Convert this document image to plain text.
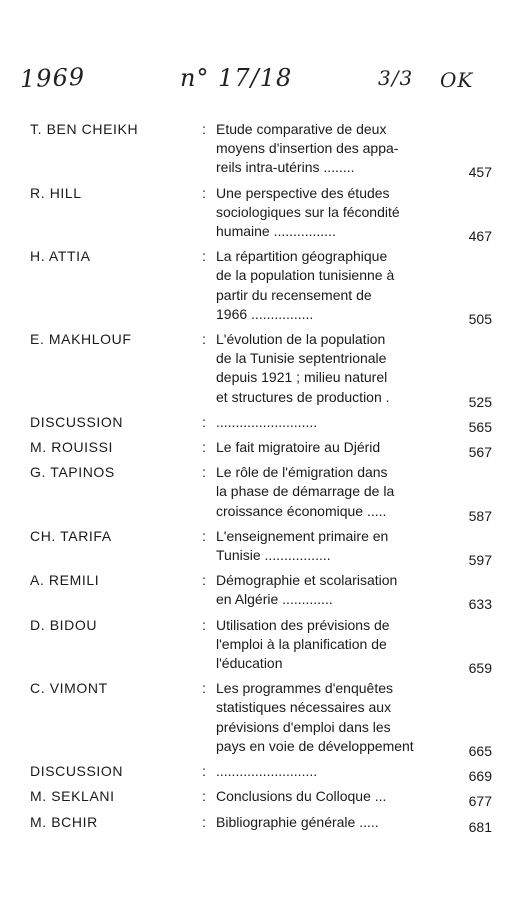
1969	n° 17/18	3/3 OK
T. BEN CHEIKH	: Etude comparative de deux
moyens d'insertion des appa-
reils intra-utérins ........	457
R. HILL	: Une perspective des études
sociologiques sur la fécondité
humaine ................	467
H. ATTIA	: La répartition géographique
de la population tunisienne à
partir du recensement de
1966 ................	505
E. MAKHLOUF	: L'évolution de la population
de la Tunisie septentrionale
depuis 1921 ; milieu naturel
et structures de production .	525
DISCUSSION	: ..........................	565
M. ROUISSI	: Le fait migratoire au Djérid	567
G. TAPINOS	: Le rôle de l'émigration dans
la phase de démarrage de la
croissance économique .....	587
CH. TARIFA	: L'enseignement primaire en
Tunisie .................	597
A. REMILI	: Démographie et scolarisation
en Algérie .............	633
D. BIDOU	: Utilisation des prévisions de
l'emploi à la planification de
l'éducation	659
C. VIMONT	: Les programmes d'enquêtes
statistiques nécessaires aux
prévisions d'emploi dans les
pays en voie de développement	665
DISCUSSION	: ..........................	669
M. SEKLANI	: Conclusions du Colloque ...	677
M. BCHIR	: Bibliographie générale .....	681
